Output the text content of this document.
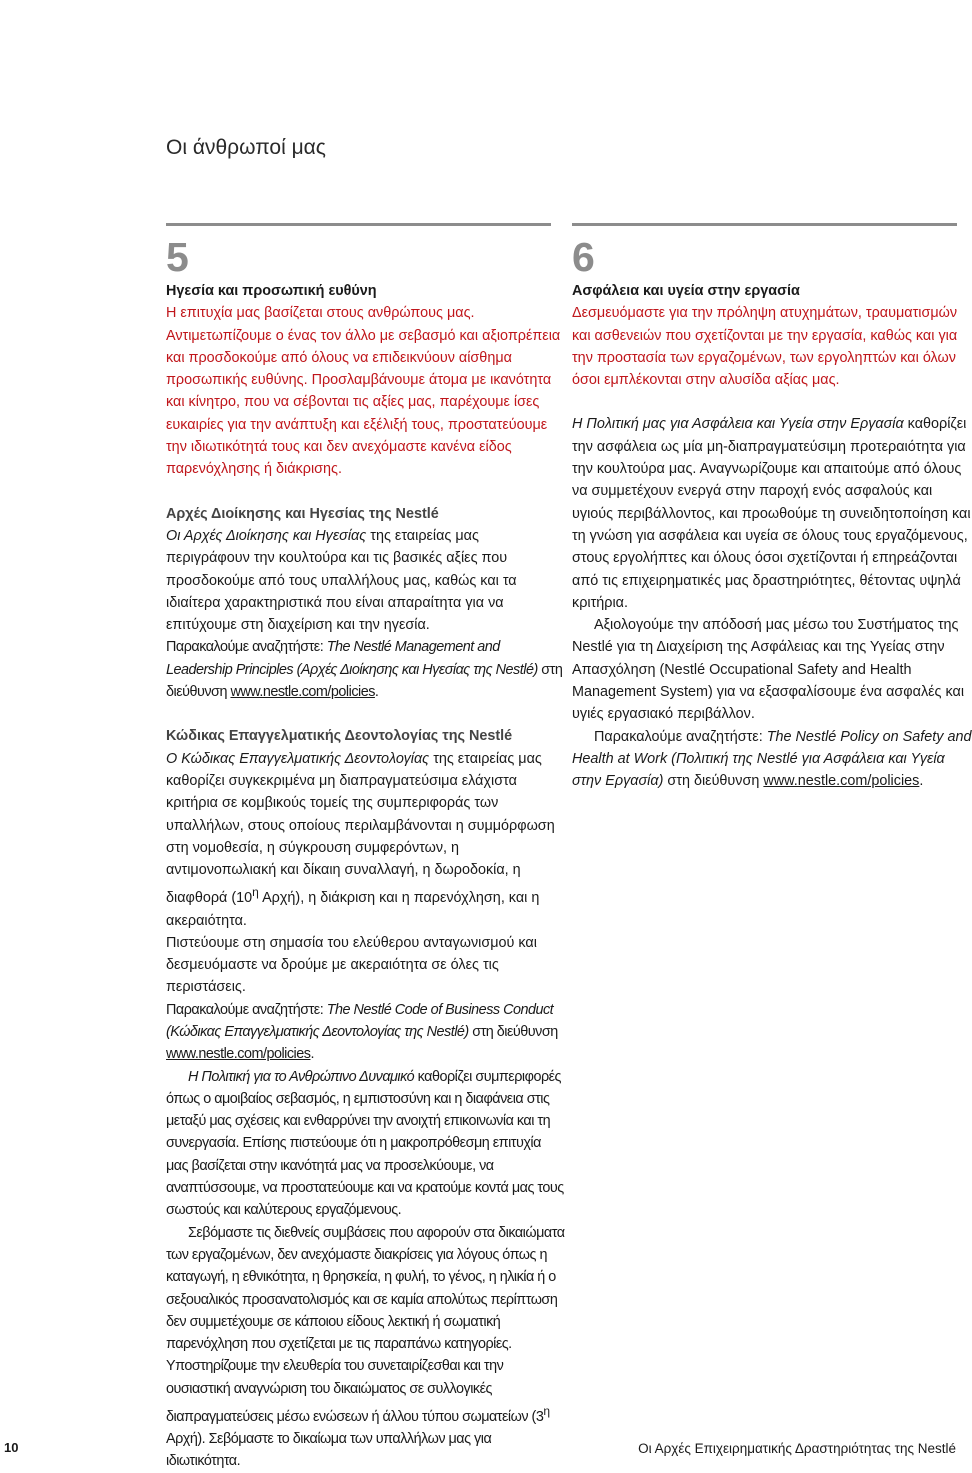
Οι άνθρωποί μας
5

Ηγεσία και προσωπική ευθύνη

Η επιτυχία μας βασίζεται στους ανθρώπους μας. Αντιμετωπίζουμε ο ένας τον άλλο με σεβασμό και αξιοπρέπεια και προσδοκούμε από όλους να επιδεικνύουν αίσθημα προσωπικής ευθύνης. Προσλαμβάνουμε άτομα με ικανότητα και κίνητρο, που να σέβονται τις αξίες μας, παρέχουμε ίσες ευκαιρίες για την ανάπτυξη και εξέλιξή τους, προστατεύουμε την ιδιωτικότητά τους και δεν ανεχόμαστε κανένα είδος παρενόχλησης ή διάκρισης.

Αρχές Διοίκησης και Ηγεσίας της Nestlé

Οι Αρχές Διοίκησης και Ηγεσίας της εταιρείας μας περιγράφουν την κουλτούρα και τις βασικές αξίες που προσδοκούμε από τους υπαλλήλους μας, καθώς και τα ιδιαίτερα χαρακτηριστικά που είναι απαραίτητα για να επιτύχουμε στη διαχείριση και την ηγεσία.

Παρακαλούμε αναζητήστε: The Nestlé Management and Leadership Principles (Αρχές Διοίκησης και Ηγεσίας της Nestlé) στη διεύθυνση www.nestle.com/policies.

Κώδικας Επαγγελματικής Δεοντολογίας της Nestlé

Ο Κώδικας Επαγγελματικής Δεοντολογίας της εταιρείας μας καθορίζει συγκεκριμένα μη διαπραγματεύσιμα ελάχιστα κριτήρια σε κομβικούς τομείς της συμπεριφοράς των υπαλλήλων, στους οποίους περιλαμβάνονται η συμμόρφωση στη νομοθεσία, η σύγκρουση συμφερόντων, η αντιμονοπωλιακή και δίκαιη συναλλαγή, η δωροδοκία, η διαφθορά ($10^\eta$ Αρχή), η διάκριση και η παρενόχληση, και η ακεραιότητα.

Πιστεύουμε στη σημασία του ελεύθερου ανταγωνισμού και δεσμευόμαστε να δρούμε με ακεραιότητα σε όλες τις περιστάσεις.

Παρακαλούμε αναζητήστε: The Nestlé Code of Business Conduct (Κώδικας Επαγγελματικής Δεοντολογίας της Nestlé) στη διεύθυνση www.nestle.com/policies.

Η Πολιτική για το Ανθρώπινο Δυναμικό καθορίζει συμπεριφορές όπως ο αμοιβαίος σεβασμός, η εμπιστοσύνη και η διαφάνεια στις μεταξύ μας σχέσεις και ενθαρρύνει την ανοιχτή επικοινωνία και τη συνεργασία. Επίσης πιστεύουμε ότι η μακροπρόθεσμη επιτυχία μας βασίζεται στην ικανότητά μας να προσελκύουμε, να αναπτύσσουμε, να προστατεύουμε και να κρατούμε κοντά μας τους σωστούς και καλύτερους εργαζόμενους.

Σεβόμαστε τις διεθνείς συμβάσεις που αφορούν στα δικαιώματα των εργαζομένων, δεν ανεχόμαστε διακρίσεις για λόγους όπως η καταγωγή, η εθνικότητα, η θρησκεία, η φυλή, το γένος, η ηλικία ή ο σεξουαλικός προσανατολισμός και σε καμία απολύτως περίπτωση δεν συμμετέχουμε σε κάποιου είδους λεκτική ή σωματική παρενόχληση που σχετίζεται με τις παραπάνω κατηγορίες. Υποστηρίζουμε την ελευθερία του συνεταιρίζεσθαι και την ουσιαστική αναγνώριση του δικαιώματος σε συλλογικές διαπραγματεύσεις μέσω ενώσεων ή άλλου τύπου σωματείων ($3^\eta$ Αρχή). Σεβόμαστε το δικαίωμα των υπαλλήλων μας για ιδιωτικότητα.

6

Ασφάλεια και υγεία στην εργασία

Δεσμευόμαστε για την πρόληψη ατυχημάτων, τραυματισμών και ασθενειών που σχετίζονται με την εργασία, καθώς και για την προστασία των εργαζομένων, των εργοληπτών και όλων όσοι εμπλέκονται στην αλυσίδα αξίας μας.

Η Πολιτική μας για Ασφάλεια και Υγεία στην Εργασία καθορίζει την ασφάλεια ως μία μη-διαπραγματεύσιμη προτεραιότητα για την κουλτούρα μας. Αναγνωρίζουμε και απαιτούμε από όλους να συμμετέχουν ενεργά στην παροχή ενός ασφαλούς και υγιούς περιβάλλοντος, και προωθούμε τη συνειδητοποίηση και τη γνώση για ασφάλεια και υγεία σε όλους τους εργαζόμενους, στους εργολήπτες και όλους όσοι σχετίζονται ή επηρεάζονται από τις επιχειρηματικές μας δραστηριότητες, θέτοντας υψηλά κριτήρια.

Αξιολογούμε την απόδοσή μας μέσω του Συστήματος της Nestlé για τη Διαχείριση της Ασφάλειας και της Υγείας στην Απασχόληση (Nestlé Occupational Safety and Health Management System) για να εξασφαλίσουμε ένα ασφαλές και υγιές εργασιακό περιβάλλον.

Παρακαλούμε αναζητήστε: The Nestlé Policy on Safety and Health at Work (Πολιτική της Nestlé για Ασφάλεια και Υγεία στην Εργασία) στη διεύθυνση www.nestle.com/policies.

10	Οι Αρχές Επιχειρηματικής Δραστηριότητας της Nestlé
